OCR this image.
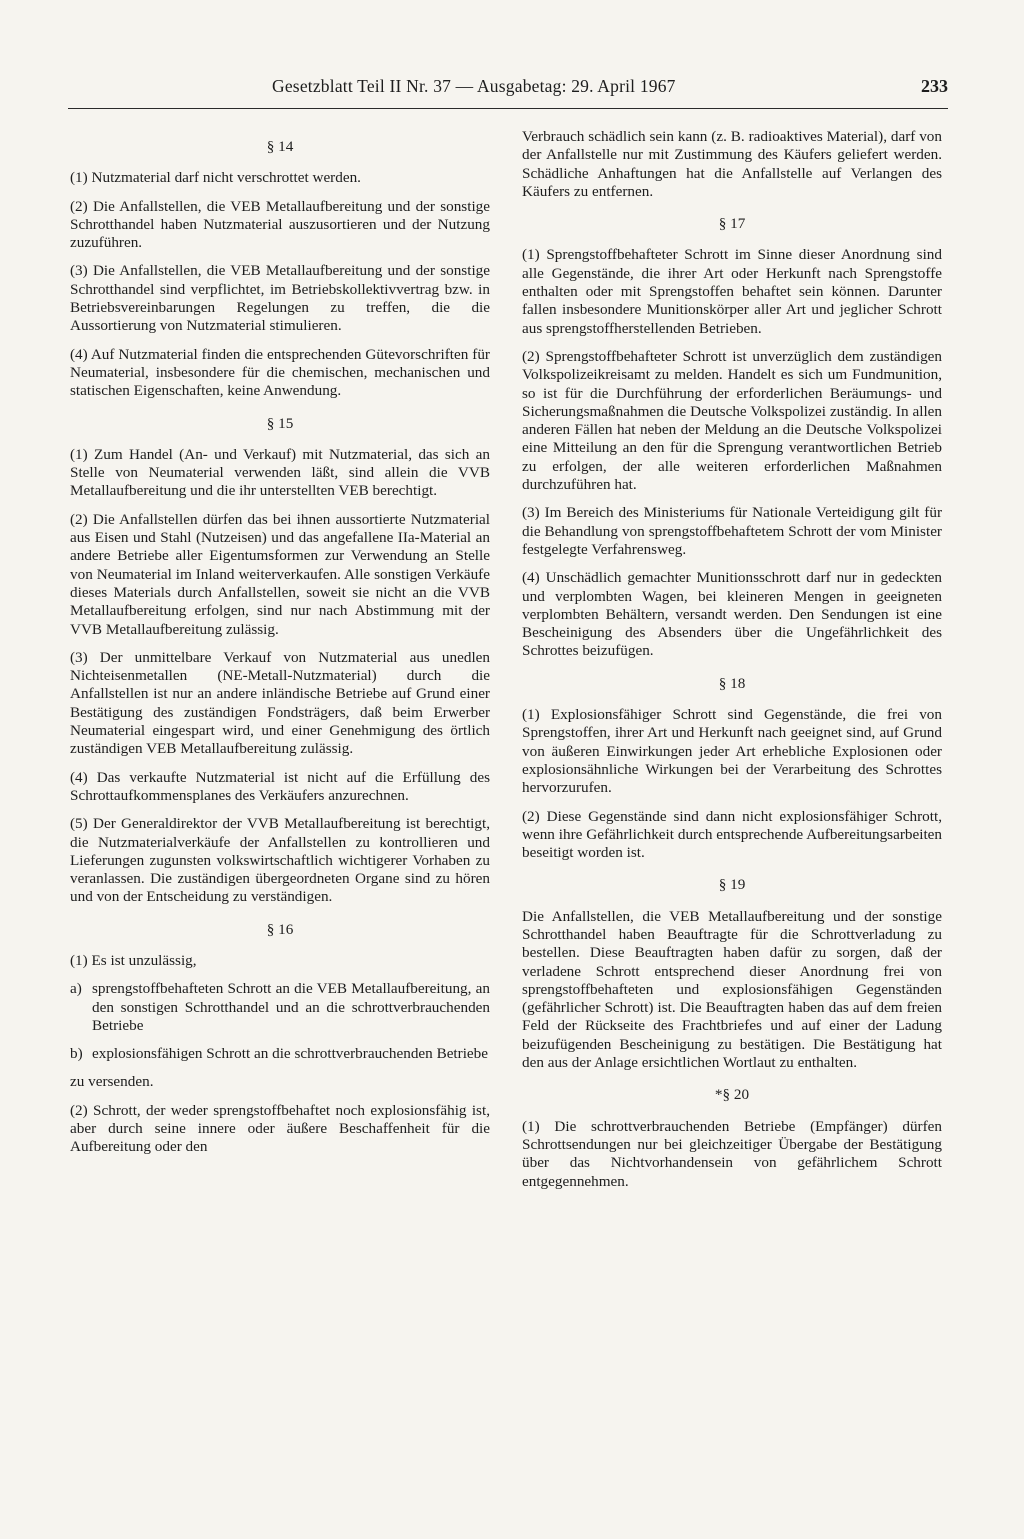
Gesetzblatt Teil II Nr. 37 — Ausgabetag: 29. April 1967	233
§ 14

(1) Nutzmaterial darf nicht verschrottet werden.

(2) Die Anfallstellen, die VEB Metallaufbereitung und der sonstige Schrotthandel haben Nutzmaterial auszusortieren und der Nutzung zuzuführen.

(3) Die Anfallstellen, die VEB Metallaufbereitung und der sonstige Schrotthandel sind verpflichtet, im Betriebskollektivvertrag bzw. in Betriebsvereinbarungen Regelungen zu treffen, die die Aussortierung von Nutzmaterial stimulieren.

(4) Auf Nutzmaterial finden die entsprechenden Gütevorschriften für Neumaterial, insbesondere für die chemischen, mechanischen und statischen Eigenschaften, keine Anwendung.

§ 15

(1) Zum Handel (An- und Verkauf) mit Nutzmaterial, das sich an Stelle von Neumaterial verwenden läßt, sind allein die VVB Metallaufbereitung und die ihr unterstellten VEB berechtigt.

(2) Die Anfallstellen dürfen das bei ihnen aussortierte Nutzmaterial aus Eisen und Stahl (Nutzeisen) und das angefallene IIa-Material an andere Betriebe aller Eigentumsformen zur Verwendung an Stelle von Neumaterial im Inland weiterverkaufen. Alle sonstigen Verkäufe dieses Materials durch Anfallstellen, soweit sie nicht an die VVB Metallaufbereitung erfolgen, sind nur nach Abstimmung mit der VVB Metallaufbereitung zulässig.

(3) Der unmittelbare Verkauf von Nutzmaterial aus unedlen Nichteisenmetallen (NE-Metall-Nutzmaterial) durch die Anfallstellen ist nur an andere inländische Betriebe auf Grund einer Bestätigung des zuständigen Fondsträgers, daß beim Erwerber Neumaterial eingespart wird, und einer Genehmigung des örtlich zuständigen VEB Metallaufbereitung zulässig.

(4) Das verkaufte Nutzmaterial ist nicht auf die Erfüllung des Schrottaufkommensplanes des Verkäufers anzurechnen.

(5) Der Generaldirektor der VVB Metallaufbereitung ist berechtigt, die Nutzmaterialverkäufe der Anfallstellen zu kontrollieren und Lieferungen zugunsten volkswirtschaftlich wichtigerer Vorhaben zu veranlassen. Die zuständigen übergeordneten Organe sind zu hören und von der Entscheidung zu verständigen.

§ 16

(1) Es ist unzulässig,

a) sprengstoffbehafteten Schrott an die VEB Metallaufbereitung, an den sonstigen Schrotthandel und an die schrottverbrauchenden Betriebe
b) explosionsfähigen Schrott an die schrottverbrauchenden Betriebe

zu versenden.

(2) Schrott, der weder sprengstoffbehaftet noch explosionsfähig ist, aber durch seine innere oder äußere Beschaffenheit für die Aufbereitung oder den

Verbrauch schädlich sein kann (z. B. radioaktives Material), darf von der Anfallstelle nur mit Zustimmung des Käufers geliefert werden. Schädliche Anhaftungen hat die Anfallstelle auf Verlangen des Käufers zu entfernen.

§ 17

(1) Sprengstoffbehafteter Schrott im Sinne dieser Anordnung sind alle Gegenstände, die ihrer Art oder Herkunft nach Sprengstoffe enthalten oder mit Sprengstoffen behaftet sein können. Darunter fallen insbesondere Munitionskörper aller Art und jeglicher Schrott aus sprengstoffherstellenden Betrieben.

(2) Sprengstoffbehafteter Schrott ist unverzüglich dem zuständigen Volkspolizeikreisamt zu melden. Handelt es sich um Fundmunition, so ist für die Durchführung der erforderlichen Beräumungs- und Sicherungsmaßnahmen die Deutsche Volkspolizei zuständig. In allen anderen Fällen hat neben der Meldung an die Deutsche Volkspolizei eine Mitteilung an den für die Sprengung verantwortlichen Betrieb zu erfolgen, der alle weiteren erforderlichen Maßnahmen durchzuführen hat.

(3) Im Bereich des Ministeriums für Nationale Verteidigung gilt für die Behandlung von sprengstoffbehaftetem Schrott der vom Minister festgelegte Verfahrensweg.

(4) Unschädlich gemachter Munitionsschrott darf nur in gedeckten und verplombten Wagen, bei kleineren Mengen in geeigneten verplombten Behältern, versandt werden. Den Sendungen ist eine Bescheinigung des Absenders über die Ungefährlichkeit des Schrottes beizufügen.

§ 18

(1) Explosionsfähiger Schrott sind Gegenstände, die frei von Sprengstoffen, ihrer Art und Herkunft nach geeignet sind, auf Grund von äußeren Einwirkungen jeder Art erhebliche Explosionen oder explosionsähnliche Wirkungen bei der Verarbeitung des Schrottes hervorzurufen.

(2) Diese Gegenstände sind dann nicht explosionsfähiger Schrott, wenn ihre Gefährlichkeit durch entsprechende Aufbereitungsarbeiten beseitigt worden ist.

§ 19

Die Anfallstellen, die VEB Metallaufbereitung und der sonstige Schrotthandel haben Beauftragte für die Schrottverladung zu bestellen. Diese Beauftragten haben dafür zu sorgen, daß der verladene Schrott entsprechend dieser Anordnung frei von sprengstoffbehafteten und explosionsfähigen Gegenständen (gefährlicher Schrott) ist. Die Beauftragten haben das auf dem freien Feld der Rückseite des Frachtbriefes und auf einer der Ladung beizufügenden Bescheinigung zu bestätigen. Die Bestätigung hat den aus der Anlage ersichtlichen Wortlaut zu enthalten.

*§ 20

(1) Die schrottverbrauchenden Betriebe (Empfänger) dürfen Schrottsendungen nur bei gleichzeitiger Übergabe der Bestätigung über das Nichtvorhandensein von gefährlichem Schrott entgegennehmen.
